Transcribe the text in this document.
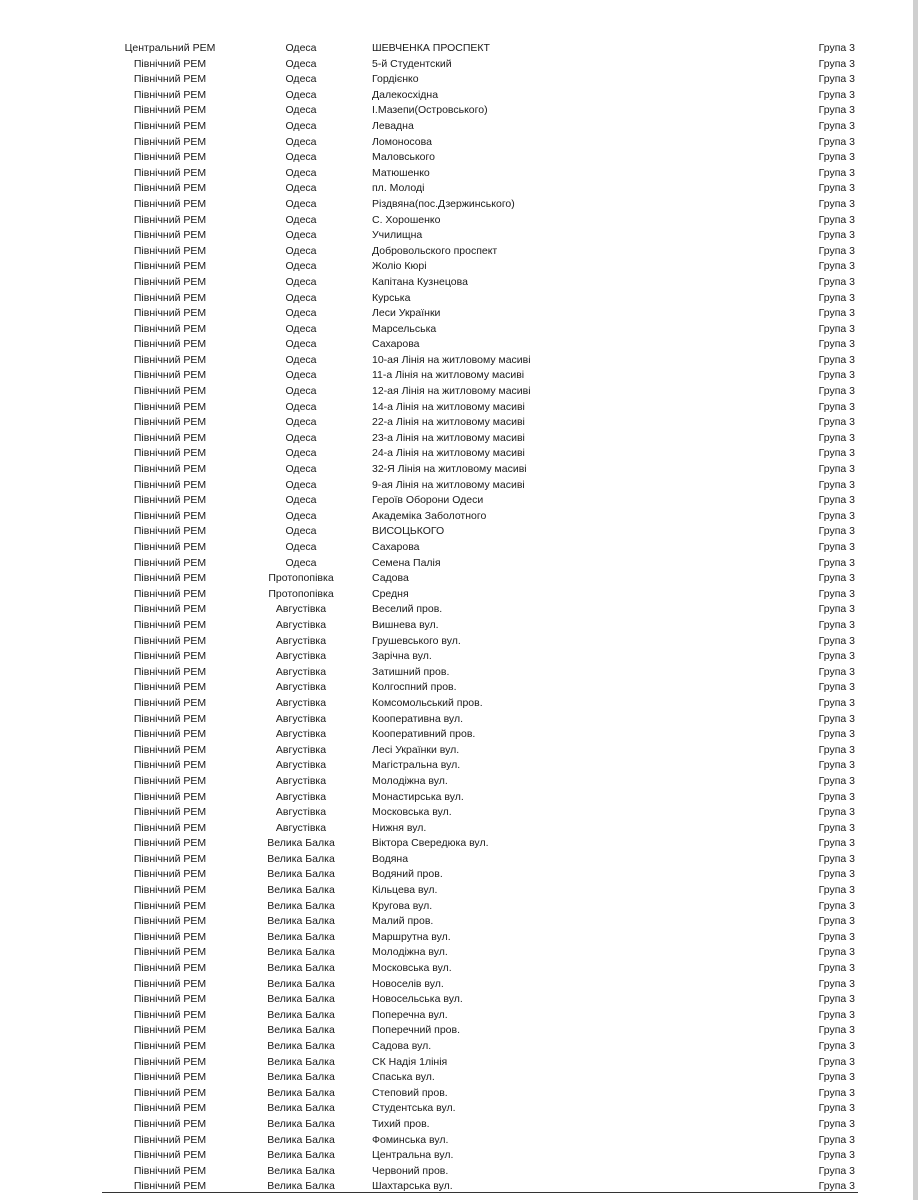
Центральний РЕМ	Одеса	ШЕВЧЕНКА ПРОСПЕКТ	Група 3
Північний РЕМ	Одеса	5-й Студентский	Група 3
Північний РЕМ	Одеса	Гордієнко	Група 3
Північний РЕМ	Одеса	Далекосхідна	Група 3
Північний РЕМ	Одеса	І.Мазепи(Островського)	Група 3
Північний РЕМ	Одеса	Левадна	Група 3
Північний РЕМ	Одеса	Ломоносова	Група 3
Північний РЕМ	Одеса	Маловського	Група 3
Північний РЕМ	Одеса	Матюшенко	Група 3
Північний РЕМ	Одеса	пл. Молоді	Група 3
Північний РЕМ	Одеса	Різдвяна(пос.Дзержинського)	Група 3
Північний РЕМ	Одеса	С. Хорошенко	Група 3
Північний РЕМ	Одеса	Училищна	Група 3
Північний РЕМ	Одеса	Добровольского проспект	Група 3
Північний РЕМ	Одеса	Жоліо Кюрі	Група 3
Північний РЕМ	Одеса	Капітана Кузнецова	Група 3
Північний РЕМ	Одеса	Курська	Група 3
Північний РЕМ	Одеса	Леси Українки	Група 3
Північний РЕМ	Одеса	Марсельська	Група 3
Північний РЕМ	Одеса	Сахарова	Група 3
Північний РЕМ	Одеса	10-ая Лінія на житловому масиві	Група 3
Північний РЕМ	Одеса	11-а Лінія на житловому масиві	Група 3
Північний РЕМ	Одеса	12-ая Лінія на житловому масиві	Група 3
Північний РЕМ	Одеса	14-а Лінія на житловому масиві	Група 3
Північний РЕМ	Одеса	22-а Лінія на житловому масиві	Група 3
Північний РЕМ	Одеса	23-а Лінія на житловому масиві	Група 3
Північний РЕМ	Одеса	24-а Лінія на житловому масиві	Група 3
Північний РЕМ	Одеса	32-Я Лінія на житловому масиві	Група 3
Північний РЕМ	Одеса	9-ая Лінія на житловому масиві	Група 3
Північний РЕМ	Одеса	Героїв Оборони Одеси	Група 3
Північний РЕМ	Одеса	Академіка Заболотного	Група 3
Північний РЕМ	Одеса	ВИСОЦЬКОГО	Група 3
Північний РЕМ	Одеса	Сахарова	Група 3
Північний РЕМ	Одеса	Семена Палія	Група 3
Північний РЕМ	Протопопівка	Садова	Група 3
Північний РЕМ	Протопопівка	Средня	Група 3
Північний РЕМ	Августівка	Веселий пров.	Група 3
Північний РЕМ	Августівка	Вишнева вул.	Група 3
Північний РЕМ	Августівка	Грушевського вул.	Група 3
Північний РЕМ	Августівка	Зарічна вул.	Група 3
Північний РЕМ	Августівка	Затишний пров.	Група 3
Північний РЕМ	Августівка	Колгоспний пров.	Група 3
Північний РЕМ	Августівка	Комсомольський пров.	Група 3
Північний РЕМ	Августівка	Кооперативна вул.	Група 3
Північний РЕМ	Августівка	Кооперативний пров.	Група 3
Північний РЕМ	Августівка	Лесі Українки вул.	Група 3
Північний РЕМ	Августівка	Магістральна вул.	Група 3
Північний РЕМ	Августівка	Молодіжна вул.	Група 3
Північний РЕМ	Августівка	Монастирська вул.	Група 3
Північний РЕМ	Августівка	Московська вул.	Група 3
Північний РЕМ	Августівка	Нижня вул.	Група 3
Північний РЕМ	Велика Балка	Віктора Свередюка вул.	Група 3
Північний РЕМ	Велика Балка	Водяна	Група 3
Північний РЕМ	Велика Балка	Водяний пров.	Група 3
Північний РЕМ	Велика Балка	Кільцева вул.	Група 3
Північний РЕМ	Велика Балка	Кругова вул.	Група 3
Північний РЕМ	Велика Балка	Малий пров.	Група 3
Північний РЕМ	Велика Балка	Маршрутна вул.	Група 3
Північний РЕМ	Велика Балка	Молодіжна вул.	Група 3
Північний РЕМ	Велика Балка	Московська вул.	Група 3
Північний РЕМ	Велика Балка	Новоселів вул.	Група 3
Північний РЕМ	Велика Балка	Новосельська вул.	Група 3
Північний РЕМ	Велика Балка	Поперечна вул.	Група 3
Північний РЕМ	Велика Балка	Поперечний пров.	Група 3
Північний РЕМ	Велика Балка	Садова вул.	Група 3
Північний РЕМ	Велика Балка	СК Надія 1лінія	Група 3
Північний РЕМ	Велика Балка	Спаська вул.	Група 3
Північний РЕМ	Велика Балка	Степовий пров.	Група 3
Північний РЕМ	Велика Балка	Студентська вул.	Група 3
Північний РЕМ	Велика Балка	Тихий пров.	Група 3
Північний РЕМ	Велика Балка	Фоминська вул.	Група 3
Північний РЕМ	Велика Балка	Центральна вул.	Група 3
Північний РЕМ	Велика Балка	Червоний пров.	Група 3
Північний РЕМ	Велика Балка	Шахтарська вул.	Група 3
